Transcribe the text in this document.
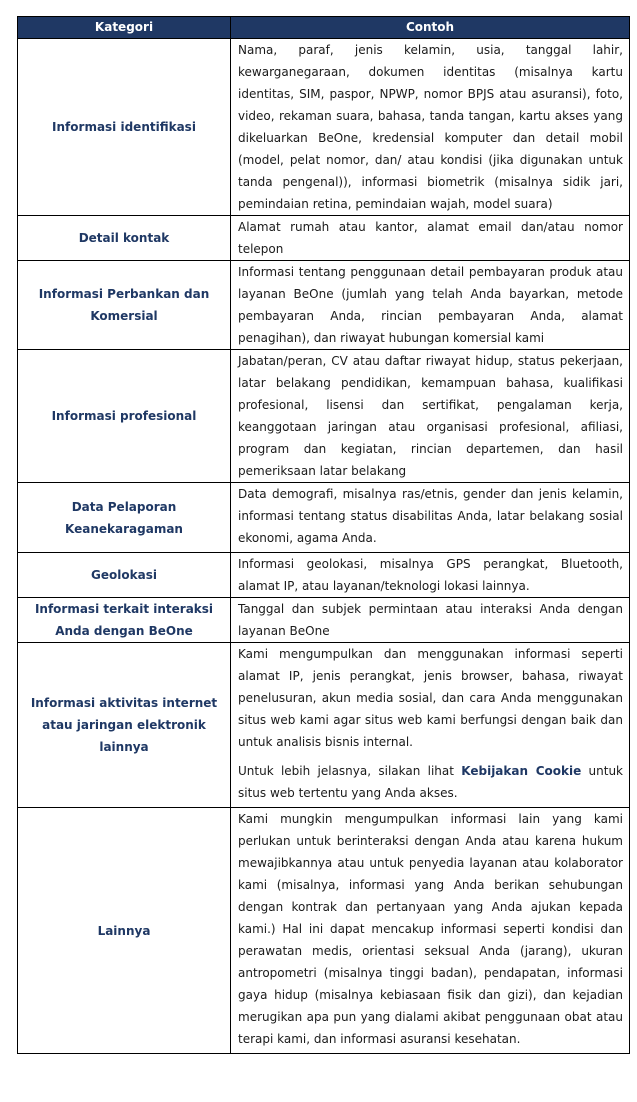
Kategori	Contoh
Informasi identifikasi	Nama, paraf, jenis kelamin, usia, tanggal lahir, kewarganegaraan, dokumen identitas (misalnya kartu identitas, SIM, paspor, NPWP, nomor BPJS atau asuransi), foto, video, rekaman suara, bahasa, tanda tangan, kartu akses yang dikeluarkan BeOne, kredensial komputer dan detail mobil (model, pelat nomor, dan/ atau kondisi (jika digunakan untuk tanda pengenal)), informasi biometrik (misalnya sidik jari, pemindaian retina, pemindaian wajah, model suara)
Detail kontak	Alamat rumah atau kantor, alamat email dan/atau nomor telepon
Informasi Perbankan dan Komersial	Informasi tentang penggunaan detail pembayaran produk atau layanan BeOne (jumlah yang telah Anda bayarkan, metode pembayaran Anda, rincian pembayaran Anda, alamat penagihan), dan riwayat hubungan komersial kami
Informasi profesional	Jabatan/peran, CV atau daftar riwayat hidup, status pekerjaan, latar belakang pendidikan, kemampuan bahasa, kualifikasi profesional, lisensi dan sertifikat, pengalaman kerja, keanggotaan jaringan atau organisasi profesional, afiliasi, program dan kegiatan, rincian departemen, dan hasil pemeriksaan latar belakang
Data Pelaporan Keanekaragaman	Data demografi, misalnya ras/etnis, gender dan jenis kelamin, informasi tentang status disabilitas Anda, latar belakang sosial ekonomi, agama Anda.
Geolokasi	Informasi geolokasi, misalnya GPS perangkat, Bluetooth, alamat IP, atau layanan/teknologi lokasi lainnya.
Informasi terkait interaksi Anda dengan BeOne	Tanggal dan subjek permintaan atau interaksi Anda dengan layanan BeOne
Informasi aktivitas internet atau jaringan elektronik lainnya	Kami mengumpulkan dan menggunakan informasi seperti alamat IP, jenis perangkat, jenis browser, bahasa, riwayat penelusuran, akun media sosial, dan cara Anda menggunakan situs web kami agar situs web kami berfungsi dengan baik dan untuk analisis bisnis internal.

Untuk lebih jelasnya, silakan lihat Kebijakan Cookie untuk situs web tertentu yang Anda akses.

Lainnya	Kami mungkin mengumpulkan informasi lain yang kami perlukan untuk berinteraksi dengan Anda atau karena hukum mewajibkannya atau untuk penyedia layanan atau kolaborator kami (misalnya, informasi yang Anda berikan sehubungan dengan kontrak dan pertanyaan yang Anda ajukan kepada kami.) Hal ini dapat mencakup informasi seperti kondisi dan perawatan medis, orientasi seksual Anda (jarang), ukuran antropometri (misalnya tinggi badan), pendapatan, informasi gaya hidup (misalnya kebiasaan fisik dan gizi), dan kejadian merugikan apa pun yang dialami akibat penggunaan obat atau terapi kami, dan informasi asuransi kesehatan.
